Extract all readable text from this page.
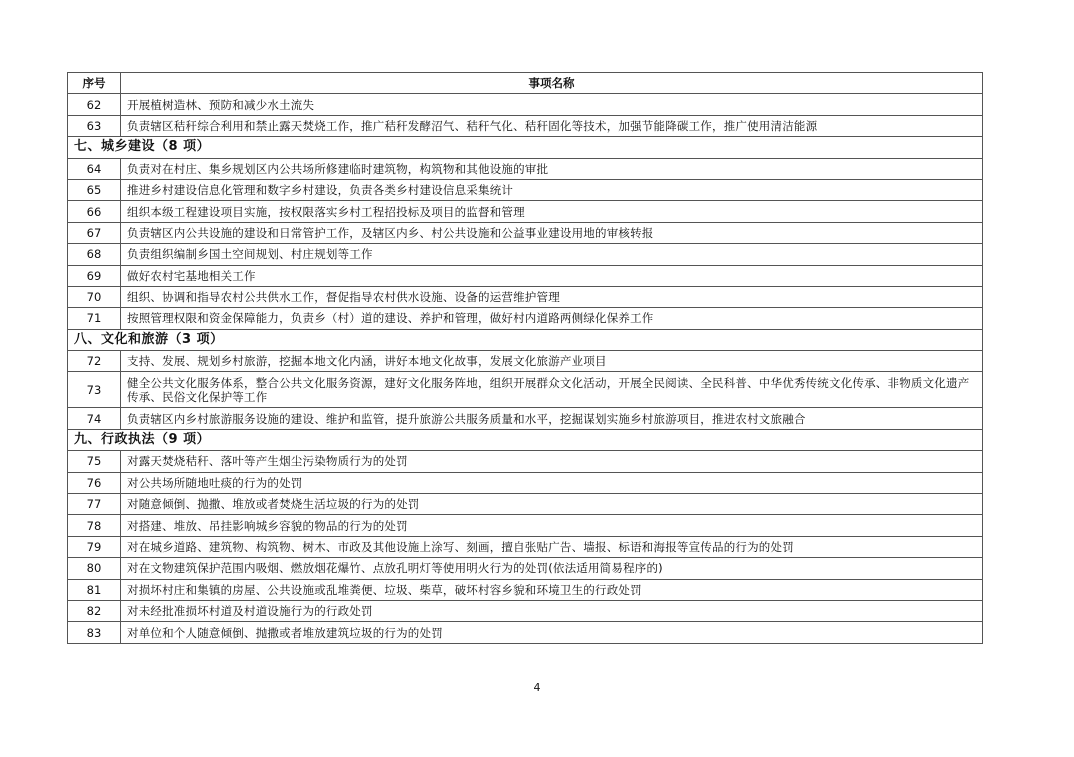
序号	事项名称
62	开展植树造林、预防和减少水土流失
63	负责辖区秸秆综合利用和禁止露天焚烧工作，推广秸秆发酵沼气、秸秆气化、秸秆固化等技术，加强节能降碳工作，推广使用清洁能源
七、城乡建设（8 项）	
64	负责对在村庄、集乡规划区内公共场所修建临时建筑物，构筑物和其他设施的审批
65	推进乡村建设信息化管理和数字乡村建设，负责各类乡村建设信息采集统计
66	组织本级工程建设项目实施，按权限落实乡村工程招投标及项目的监督和管理
67	负责辖区内公共设施的建设和日常管护工作，及辖区内乡、村公共设施和公益事业建设用地的审核转报
68	负责组织编制乡国土空间规划、村庄规划等工作
69	做好农村宅基地相关工作
70	组织、协调和指导农村公共供水工作，督促指导农村供水设施、设备的运营维护管理
71	按照管理权限和资金保障能力，负责乡（村）道的建设、养护和管理，做好村内道路两侧绿化保养工作
八、文化和旅游（3 项）	
72	支持、发展、规划乡村旅游，挖掘本地文化内涵，讲好本地文化故事，发展文化旅游产业项目
73	健全公共文化服务体系，整合公共文化服务资源，建好文化服务阵地，组织开展群众文化活动，开展全民阅读、全民科普、中华优秀传统文化传承、非物质文化遗产传承、民俗文化保护等工作
74	负责辖区内乡村旅游服务设施的建设、维护和监管，提升旅游公共服务质量和水平，挖掘谋划实施乡村旅游项目，推进农村文旅融合
九、行政执法（9 项）	
75	对露天焚烧秸秆、落叶等产生烟尘污染物质行为的处罚
76	对公共场所随地吐痰的行为的处罚
77	对随意倾倒、抛撒、堆放或者焚烧生活垃圾的行为的处罚
78	对搭建、堆放、吊挂影响城乡容貌的物品的行为的处罚
79	对在城乡道路、建筑物、构筑物、树木、市政及其他设施上涂写、刻画，擅自张贴广告、墙报、标语和海报等宣传品的行为的处罚
80	对在文物建筑保护范围内吸烟、燃放烟花爆竹、点放孔明灯等使用明火行为的处罚(依法适用简易程序的)
81	对损坏村庄和集镇的房屋、公共设施或乱堆粪便、垃圾、柴草，破坏村容乡貌和环境卫生的行政处罚
82	对未经批准损坏村道及村道设施行为的行政处罚
83	对单位和个人随意倾倒、抛撒或者堆放建筑垃圾的行为的处罚
4
